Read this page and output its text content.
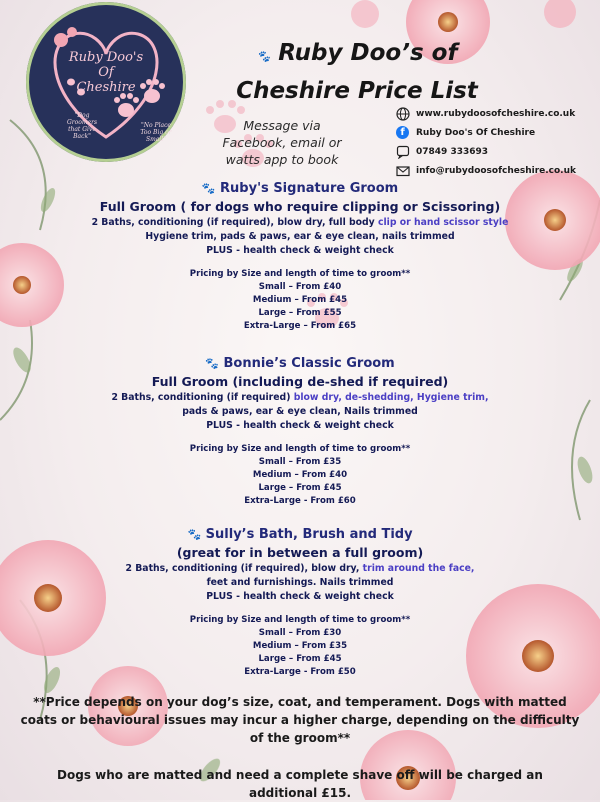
Ruby Doo's
Of
Cheshire
"Dog Groomers that Give Back"
"No Place Too Big or Small"
🐾 Ruby Doo’s of Cheshire Price List
Message via Facebook, email or watts app to book
www.rubydoosofcheshire.co.uk
f	Ruby Doo's Of Cheshire
07849 333693
info@rubydoosofcheshire.co.uk
🐾 Ruby's Signature Groom
Full Groom ( for dogs who require clipping or Scissoring)
2 Baths, conditioning (if required), blow dry, full body clip or hand scissor style
Hygiene trim, pads & paws, ear & eye clean, nails trimmed
PLUS - health check & weight check
Pricing by Size and length of time to groom**
Small – From £40
Medium – From £45
Large – From £55
Extra-Large – From £65
🐾 Bonnie’s Classic Groom
Full Groom (including de-shed if required)
2 Baths, conditioning (if required) blow dry, de-shedding, Hygiene trim,
pads & paws, ear & eye clean, Nails trimmed
PLUS - health check & weight check
Pricing by Size and length of time to groom**
Small – From £35
Medium – From £40
Large – From £45
Extra-Large - From £60
🐾 Sully’s Bath, Brush and Tidy
(great for in between a full groom)
2 Baths, conditioning (if required), blow dry, trim around the face,
feet and furnishings. Nails trimmed
PLUS - health check & weight check
Pricing by Size and length of time to groom**
Small – From £30
Medium – From £35
Large – From £45
Extra-Large - From £50
**Price depends on your dog’s size, coat, and temperament. Dogs with matted coats or behavioural issues may incur a higher charge, depending on the difficulty of the groom**
Dogs who are matted and need a complete shave off will be charged an additional £15.
